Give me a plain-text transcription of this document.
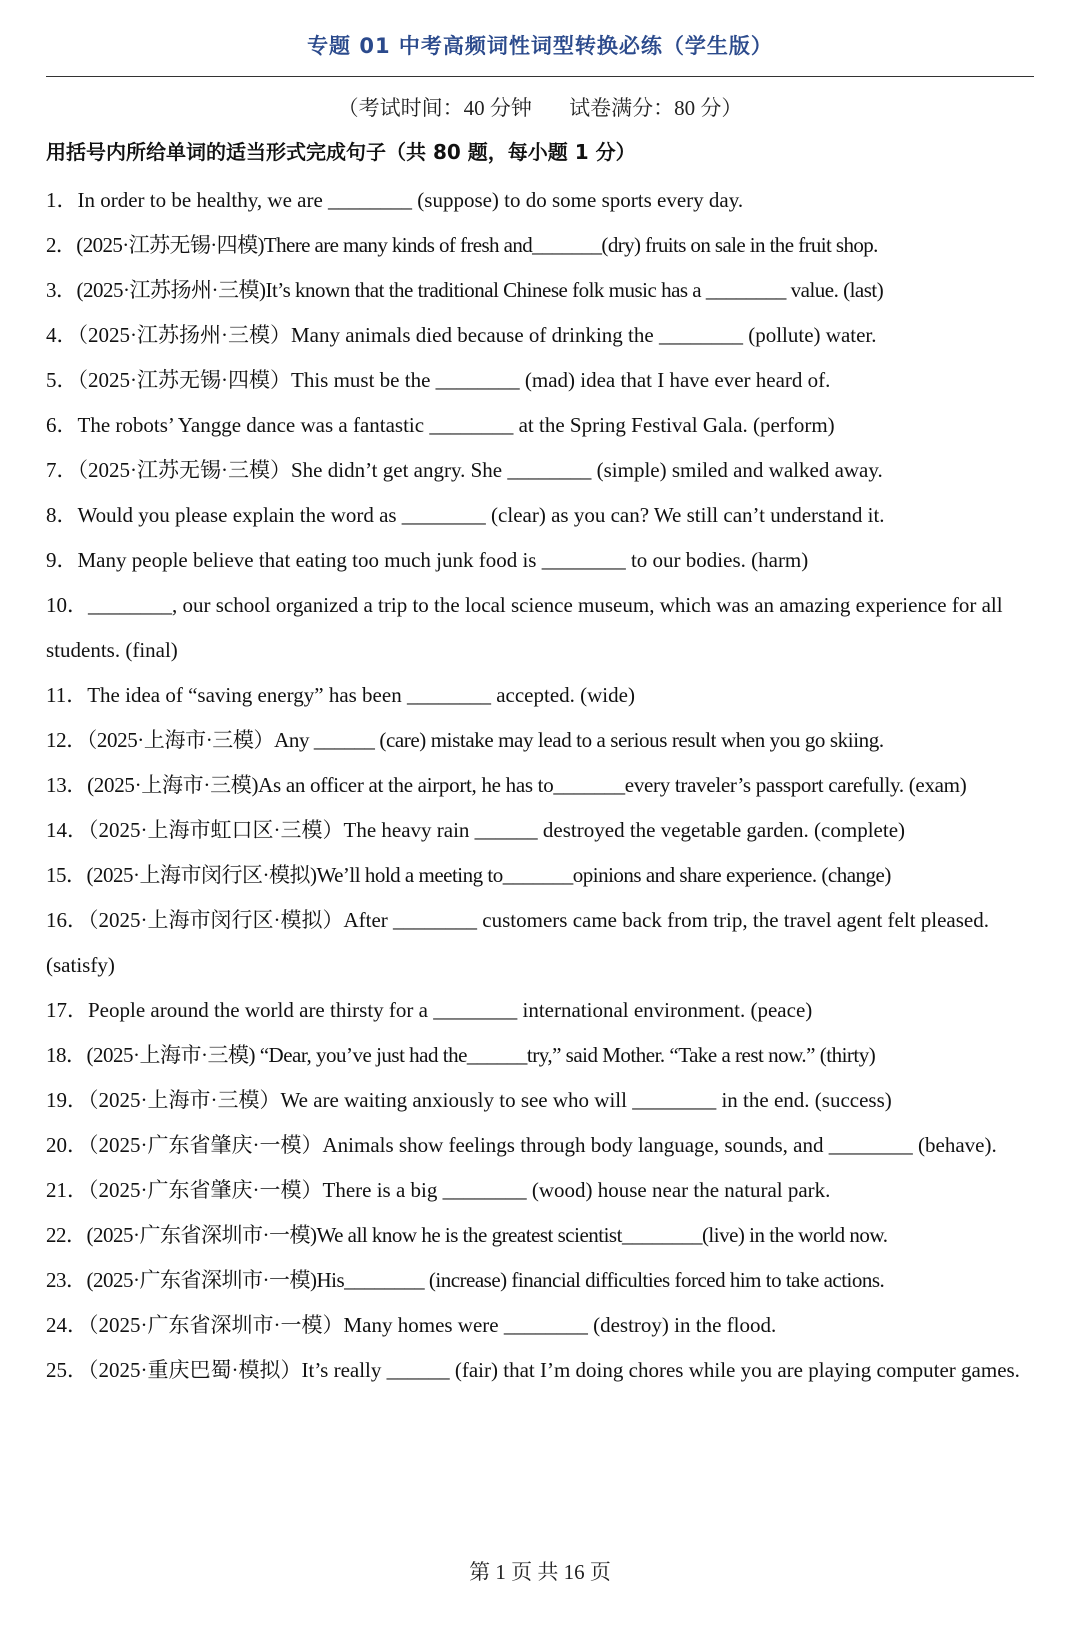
专题 01 中考高频词性词型转换必练（学生版）
（考试时间：40 分钟 试卷满分：80 分）
用括号内所给单词的适当形式完成句子（共 80 题，每小题 1 分）
1．In order to be healthy, we are ________ (suppose) to do some sports every day.
2．(2025·江苏无锡·四模)There are many kinds of fresh and_______(dry) fruits on sale in the fruit shop.
3．(2025·江苏扬州·三模)It’s known that the traditional Chinese folk music has a ________ value. (last)
4．（2025·江苏扬州·三模）Many animals died because of drinking the ________ (pollute) water.
5．（2025·江苏无锡·四模）This must be the ________ (mad) idea that I have ever heard of.
6．The robots’ Yangge dance was a fantastic ________ at the Spring Festival Gala. (perform)
7．（2025·江苏无锡·三模）She didn’t get angry. She ________ (simple) smiled and walked away.
8．Would you please explain the word as ________ (clear) as you can? We still can’t understand it.
9．Many people believe that eating too much junk food is ________ to our bodies. (harm)
10．________, our school organized a trip to the local science museum, which was an amazing experience for all students. (final)
11．The idea of “saving energy” has been ________ accepted. (wide)
12．（2025·上海市·三模）Any ______ (care) mistake may lead to a serious result when you go skiing.
13．(2025·上海市·三模)As an officer at the airport, he has to_______every traveler’s passport carefully. (exam)
14．（2025·上海市虹口区·三模）The heavy rain ______ destroyed the vegetable garden. (complete)
15．(2025·上海市闵行区·模拟)We’ll hold a meeting to_______opinions and share experience. (change)
16．（2025·上海市闵行区·模拟）After ________ customers came back from trip, the travel agent felt pleased. (satisfy)
17．People around the world are thirsty for a ________ international environment. (peace)
18．(2025·上海市·三模) “Dear, you’ve just had the______try,” said Mother. “Take a rest now.” (thirty)
19．（2025·上海市·三模）We are waiting anxiously to see who will ________ in the end. (success)
20．（2025·广东省肇庆·一模）Animals show feelings through body language, sounds, and ________ (behave).
21．（2025·广东省肇庆·一模）There is a big ________ (wood) house near the natural park.
22．(2025·广东省深圳市·一模)We all know he is the greatest scientist________(live) in the world now.
23．(2025·广东省深圳市·一模)His________ (increase) financial difficulties forced him to take actions.
24．（2025·广东省深圳市·一模）Many homes were ________ (destroy) in the flood.
25．（2025·重庆巴蜀·模拟）It’s really ______ (fair) that I’m doing chores while you are playing computer games.
第 1 页 共 16 页
